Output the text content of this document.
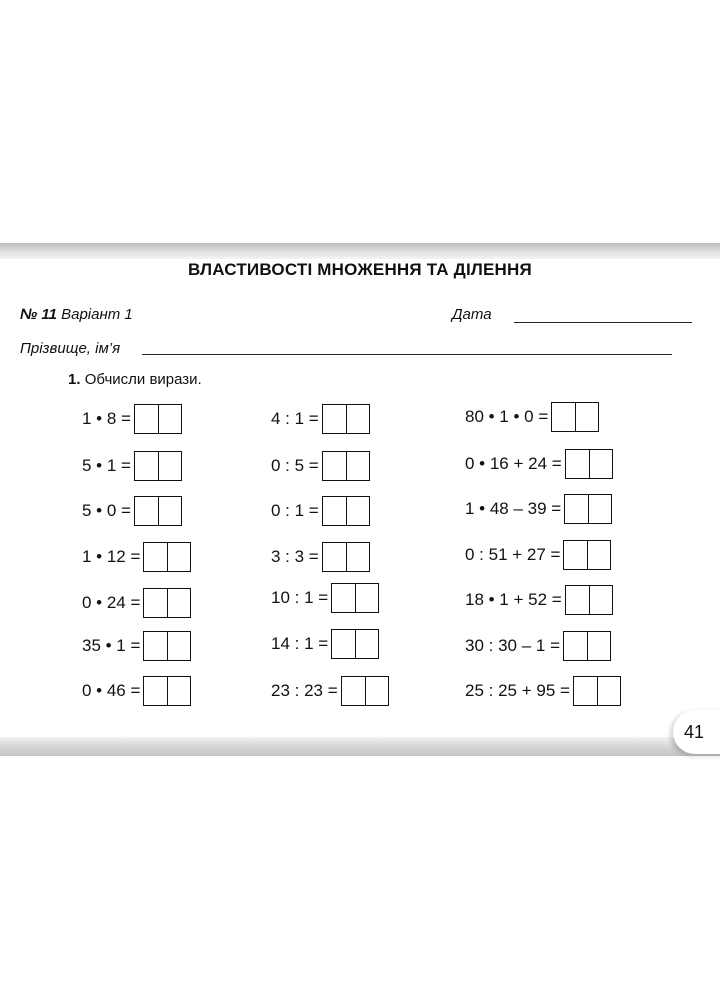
ВЛАСТИВОСТІ МНОЖЕННЯ ТА ДІЛЕННЯ
№ 11 Варіант 1	Дата
Прізвище, ім’я
1. Обчисли вирази.
1 • 8 =
5 • 1 =
5 • 0 =
1 • 12 =
0 • 24 =
35 • 1 =
0 • 46 =
4 : 1 =
0 : 5 =
0 : 1 =
3 : 3 =
10 : 1 =
14 : 1 =
23 : 23 =
80 • 1 • 0 =
0 • 16 + 24 =
1 • 48 – 39 =
0 : 51 + 27 =
18 • 1 + 52 =
30 : 30 – 1 =
25 : 25 + 95 =
41
